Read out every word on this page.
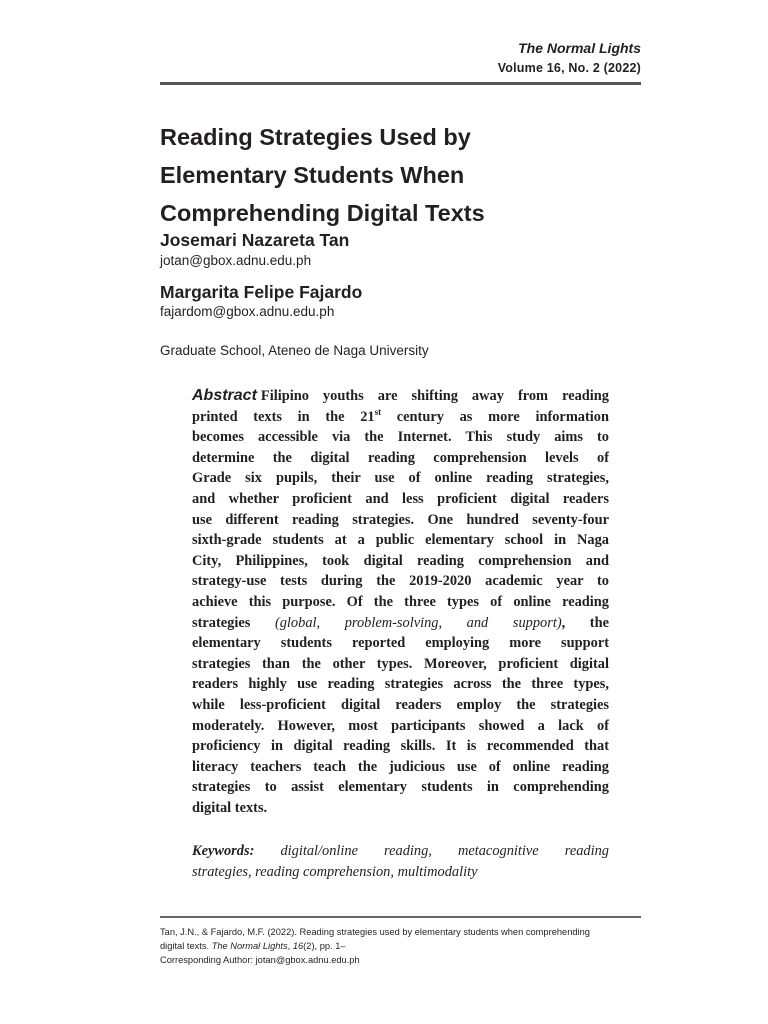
The Normal Lights
Volume 16, No. 2 (2022)
Reading Strategies Used by
Elementary Students When
Comprehending Digital Texts
Josemari Nazareta Tan
jotan@gbox.adnu.edu.ph
Margarita Felipe Fajardo
fajardom@gbox.adnu.edu.ph
Graduate School, Ateneo de Naga University
Abstract Filipino youths are shifting away from reading
printed texts in the 21st century as more information
becomes accessible via the Internet. This study aims to
determine the digital reading comprehension levels of
Grade six pupils, their use of online reading strategies,
and whether proficient and less proficient digital readers
use different reading strategies. One hundred seventy-four
sixth-grade students at a public elementary school in Naga
City, Philippines, took digital reading comprehension and
strategy-use tests during the 2019-2020 academic year to
achieve this purpose. Of the three types of online reading
strategies (global, problem-solving, and support), the
elementary students reported employing more support
strategies than the other types. Moreover, proficient digital
readers highly use reading strategies across the three types,
while less-proficient digital readers employ the strategies
moderately. However, most participants showed a lack of
proficiency in digital reading skills. It is recommended that
literacy teachers teach the judicious use of online reading
strategies to assist elementary students in comprehending
digital texts.
Keywords: digital/online reading, metacognitive reading
strategies, reading comprehension, multimodality
Tan, J.N., & Fajardo, M.F. (2022). Reading strategies used by elementary students when comprehending
digital texts. The Normal Lights, 16(2), pp. 1–
Corresponding Author: jotan@gbox.adnu.edu.ph
